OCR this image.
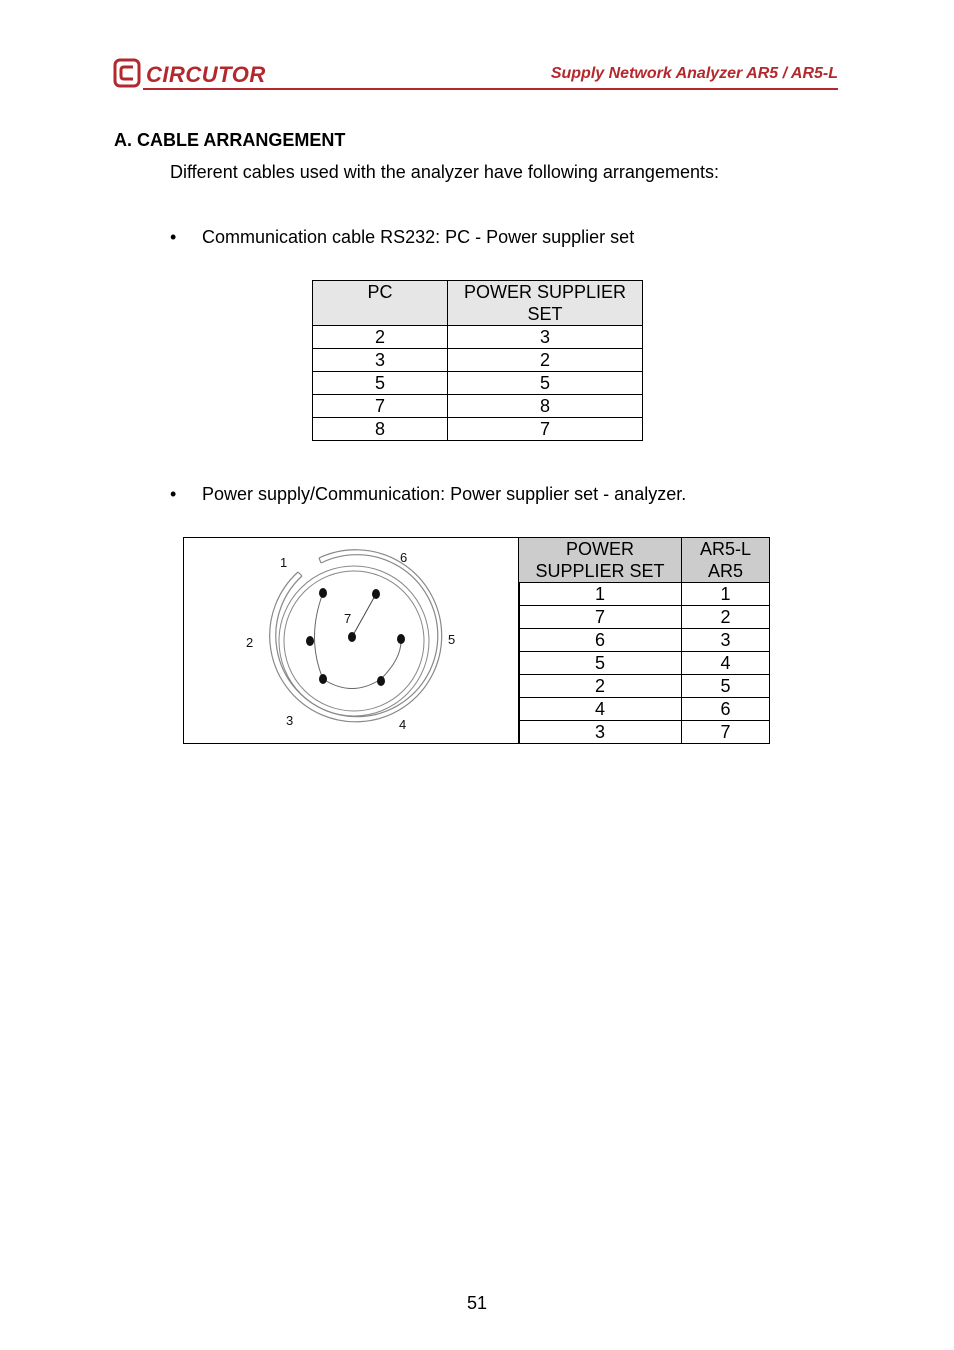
CIRCUTOR	Supply Network Analyzer AR5 / AR5-L
A. CABLE ARRANGEMENT
Different cables used with the analyzer have following arrangements:
• Communication cable RS232: PC - Power supplier set
PC	POWER SUPPLIER SET
2	3
3	2
5	5
7	8
8	7
• Power supply/Communication: Power supplier set - analyzer.
1	6
7
2	5
3	4
POWER SUPPLIER SET	AR5-L AR5
1	1
7	2
6	3
5	4
2	5
4	6
3	7
51
